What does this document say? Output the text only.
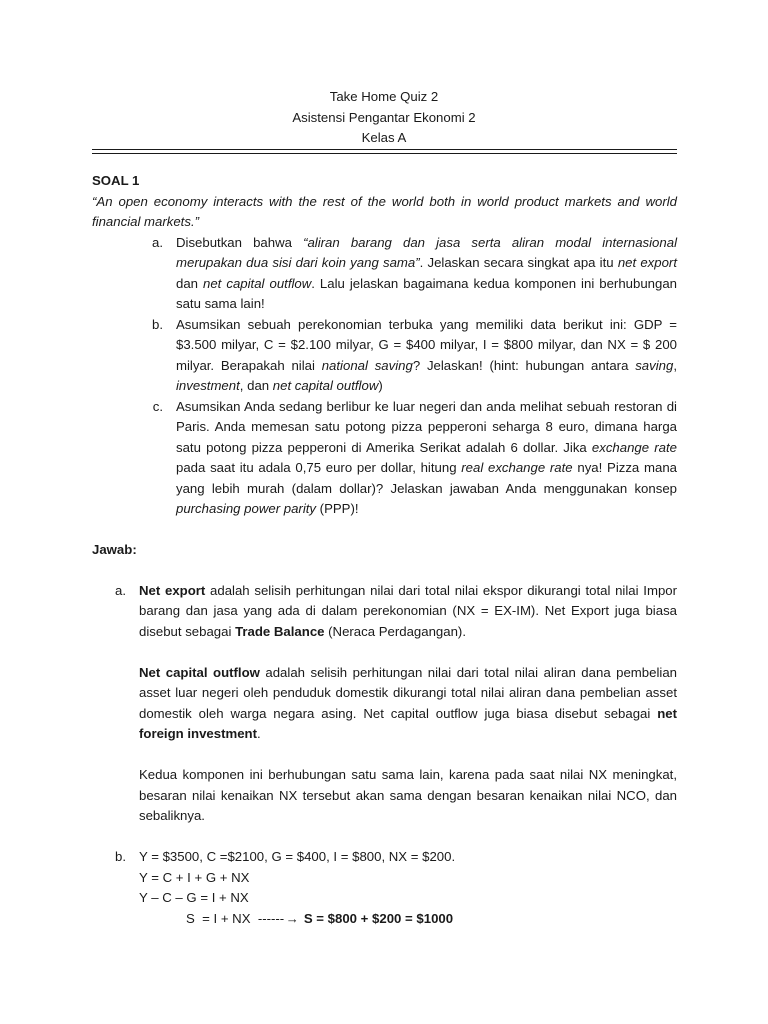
Take Home Quiz 2
Asistensi Pengantar Ekonomi 2
Kelas A
SOAL 1
“An open economy interacts with the rest of the world both in world product markets and world financial markets.”
a. Disebutkan bahwa “aliran barang dan jasa serta aliran modal internasional merupakan dua sisi dari koin yang sama”. Jelaskan secara singkat apa itu net export dan net capital outflow. Lalu jelaskan bagaimana kedua komponen ini berhubungan satu sama lain!
b. Asumsikan sebuah perekonomian terbuka yang memiliki data berikut ini: GDP = $3.500 milyar, C = $2.100 milyar, G = $400 milyar, I = $800 milyar, dan NX = $ 200 milyar. Berapakah nilai national saving? Jelaskan! (hint: hubungan antara saving, investment, dan net capital outflow)
c. Asumsikan Anda sedang berlibur ke luar negeri dan anda melihat sebuah restoran di Paris. Anda memesan satu potong pizza pepperoni seharga 8 euro, dimana harga satu potong pizza pepperoni di Amerika Serikat adalah 6 dollar. Jika exchange rate pada saat itu adala 0,75 euro per dollar, hitung real exchange rate nya! Pizza mana yang lebih murah (dalam dollar)? Jelaskan jawaban Anda menggunakan konsep purchasing power parity (PPP)!
Jawab:
a. Net export adalah selisih perhitungan nilai dari total nilai ekspor dikurangi total nilai Impor barang dan jasa yang ada di dalam perekonomian (NX = EX-IM). Net Export juga biasa disebut sebagai Trade Balance (Neraca Perdagangan).
Net capital outflow adalah selisih perhitungan nilai dari total nilai aliran dana pembelian asset luar negeri oleh penduduk domestik dikurangi total nilai aliran dana pembelian asset domestik oleh warga negara asing. Net capital outflow juga biasa disebut sebagai net foreign investment.
Kedua komponen ini berhubungan satu sama lain, karena pada saat nilai NX meningkat, besaran nilai kenaikan NX tersebut akan sama dengan besaran kenaikan nilai NCO, dan sebaliknya.
b. Y = $3500, C =$2100, G = $400, I = $800, NX = $200.
Y = C + I + G + NX
Y – C – G = I + NX
S  = I + NX  ------→ S = $800 + $200 = $1000
